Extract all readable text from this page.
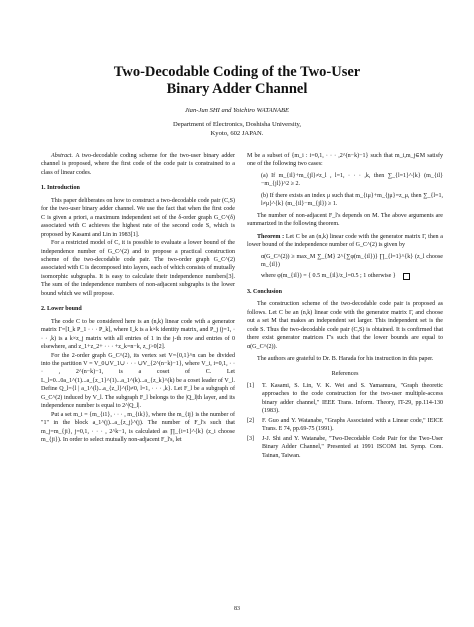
Two-Decodable Coding of the Two-User
Binary Adder Channel
Jian-Jun SHI and Yoichiro WATANABE
Department of Electronics, Doshisha University,
Kyoto, 602 JAPAN.

Abstract. A two-decodable coding scheme for the two-user binary adder channel is proposed, where the first code of the code pair is constrained to a class of linear codes.

1. Introduction

This paper deliberates on how to construct a two-decodable code pair (C,S) for the two-user binary adder channel. We use the fact that when the first code C is given a priori, a maximum independent set of the δ-order graph G_C^(δ) associated with C achieves the highest rate of the second code S, which is proposed by Kasami and Lin in 1983[1].

For a restricted model of C, it is possible to evaluate a lower bound of the independence number of G_C^(2) and to propose a practical construction scheme of the two-decodable code pair. The two-order graph G_C^(2) associated with C is decomposed into layers, each of which consists of mutually isomorphic subgraphs. It is easy to calculate their independence numbers[3]. The sum of the independence numbers of non-adjacent subgraphs is the lower bound which we will propose.

2. Lower bound

The code C to be considered here is an (n,k) linear code with a generator matrix Γ=[I_k P_1 · · · P_k], where I_k is a k×k identity matrix, and P_j (j=1, · · · ,k) is a k×z_j matrix with all entries of 1 in the j-th row and entries of 0 elsewhere, and z_1+z_2+ · · · +z_k=n−k, z_j>0[2].

For the 2-order graph G_C^(2), its vertex set V={0,1}^n can be divided into the partition V = V_0∪V_1∪ · · · ∪V_{2^(n−k)−1}, where V_i, i=0,1, · · · , 2^(n−k)−1, is a coset of C. Let L_l=0...0a_1^(1)...a_{z_1}^(1)...a_1^(k)...a_{z_k}^(k) be a coset leader of V_l. Define Q_l={l | a_1^(l)...a_{z_l}^(l)≠0, l=1, · · · ,k}. Let F_l be a subgraph of G_C^(2) induced by V_l. The subgraph F_l belongs to the |Q_l|th layer, and its independence number is equal to 2^|Q_l|.

Put a set m_i = {m_{i1}, · · · , m_{ik}}, where the m_{ij} is the number of "1" in the block a_1^(j)...a_{z_j}^(j). The number of F_l's such that m_j=m_{ji}, j=0,1, · · · , 2^k−1, is calculated as ∏_{i=1}^{k} (z_i choose m_{ji}). In order to select mutually non-adjacent F_l's, let

M be a subset of {m_i : i=0,1, · · · ,2^(n−k)−1} such that m_i,m_j∈M satisfy one of the following two cases:

(a) If m_{il}+m_{jl}≠z_l , l=1, · · · ,k, then ∑_{l=1}^{k} (m_{il}−m_{jl})^2 ≥ 2.

(b) If there exists an index μ such that m_{iμ}+m_{jμ}=z_μ, then ∑_{l=1, l≠μ}^{k} (m_{il}−m_{jl}) ≥ 1.

The number of non-adjacent F_l's depends on M. The above arguments are summarized in the following theorem.

Theorem : Let C be an (n,k) linear code with the generator matrix Γ, then a lower bound of the independence number of G_C^(2) is given by

α(G_C^(2)) ≥ max_M ∑_{M} 2^{∑φ(m_{il})} ∏_{l=1}^{k} (z_l choose m_{il})

where φ(m_{il}) = { 0.5 m_{il}/z_l=0.5 ; 1 otherwise }

3. Conclusion

The construction scheme of the two-decodable code pair is proposed as follows. Let C be an (n,k) linear code with the generator matrix Γ, and choose out a set M that makes an independent set larger. This independent set is the code S. Thus the two-decodable code pair (C,S) is obtained. It is confirmed that there exist generator matrices Γ's such that the lower bounds are equal to α(G_C^(2)).

The authors are grateful to Dr. B. Harada for his instruction in this paper.

References

[1]	T. Kasami, S. Lin, V. K. Wei and S. Yamamura, "Graph theoretic approaches to the code construction for the two-user multiple-access binary adder channel," IEEE Trans. Inform. Theory, IT-29, pp.114-130 (1983).

[2]	F. Guo and Y. Watanabe, "Graphs Associated with a Linear code," IEICE Trans. E 74, pp.69-75 (1991).

[3]	J-J. Shi and Y. Watanabe, "Two-Decodable Code Pair for the Two-User Binary Adder Channel," Presented at 1991 ISCOM Int. Symp. Com. Tainan, Taiwan.

83
